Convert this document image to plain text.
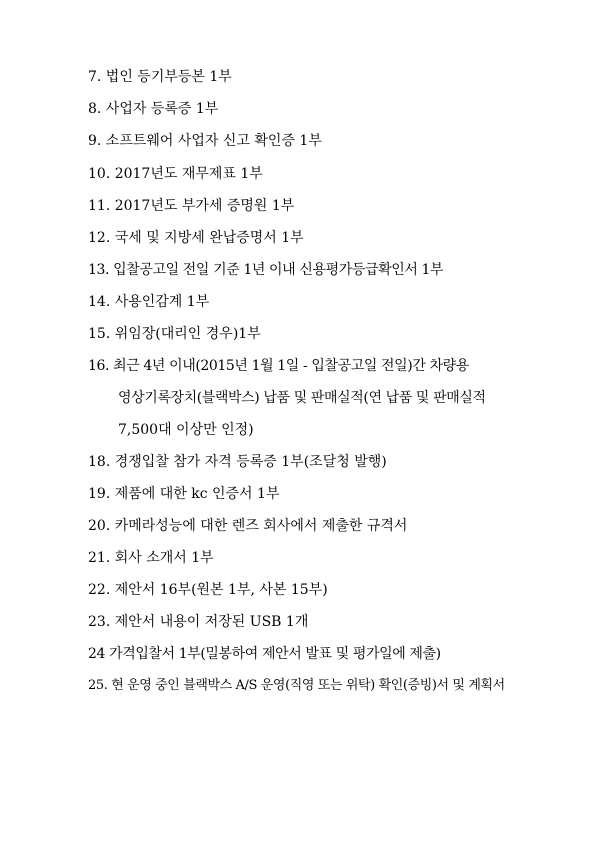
7. 법인 등기부등본 1부
8. 사업자 등록증 1부
9. 소프트웨어 사업자 신고 확인증 1부
10. 2017년도 재무제표 1부
11. 2017년도 부가세 증명원 1부
12. 국세 및 지방세 완납증명서 1부
13. 입찰공고일 전일 기준 1년 이내 신용평가등급확인서 1부
14. 사용인감계 1부
15. 위임장(대리인 경우)1부
16. 최근 4년 이내(2015년 1월 1일 - 입찰공고일 전일)간 차량용
영상기록장치(블랙박스) 납품 및 판매실적(연 납품 및 판매실적
7,500대 이상만 인정)
18. 경쟁입찰 참가 자격 등록증 1부(조달청 발행)
19. 제품에 대한 kc 인증서 1부
20. 카메라성능에 대한 렌즈 회사에서 제출한 규격서
21. 회사 소개서 1부
22. 제안서 16부(원본 1부, 사본 15부)
23. 제안서 내용이 저장된 USB 1개
24 가격입찰서 1부(밀봉하여 제안서 발표 및 평가일에 제출)
25. 현 운영 중인 블랙박스 A/S 운영(직영 또는 위탁) 확인(증빙)서 및 계획서
